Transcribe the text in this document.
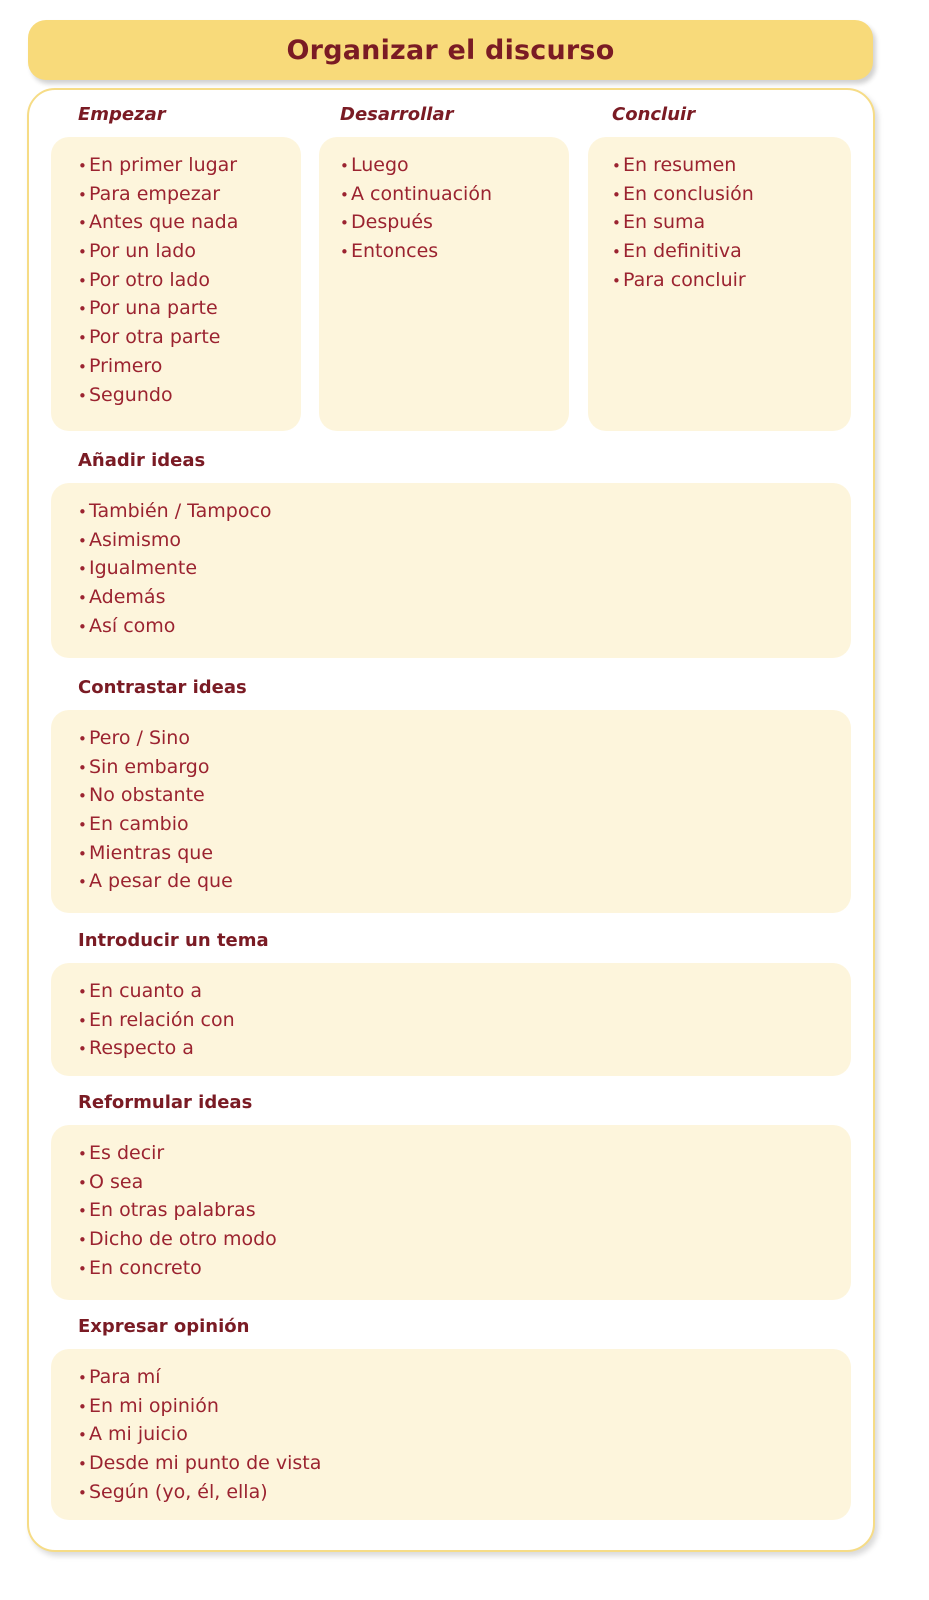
Organizar el discurso
Empezar	Desarrollar	Concluir
• En primer lugar
• Para empezar
• Antes que nada
• Por un lado
• Por otro lado
• Por una parte
• Por otra parte
• Primero
• Segundo
• Luego
• A continuación
• Después
• Entonces
• En resumen
• En conclusión
• En suma
• En definitiva
• Para concluir
Añadir ideas
• También / Tampoco
• Asimismo
• Igualmente
• Además
• Así como
Contrastar ideas
• Pero / Sino
• Sin embargo
• No obstante
• En cambio
• Mientras que
• A pesar de que
Introducir un tema
• En cuanto a
• En relación con
• Respecto a
Reformular ideas
• Es decir
• O sea
• En otras palabras
• Dicho de otro modo
• En concreto
Expresar opinión
• Para mí
• En mi opinión
• A mi juicio
• Desde mi punto de vista
• Según (yo, él, ella)
